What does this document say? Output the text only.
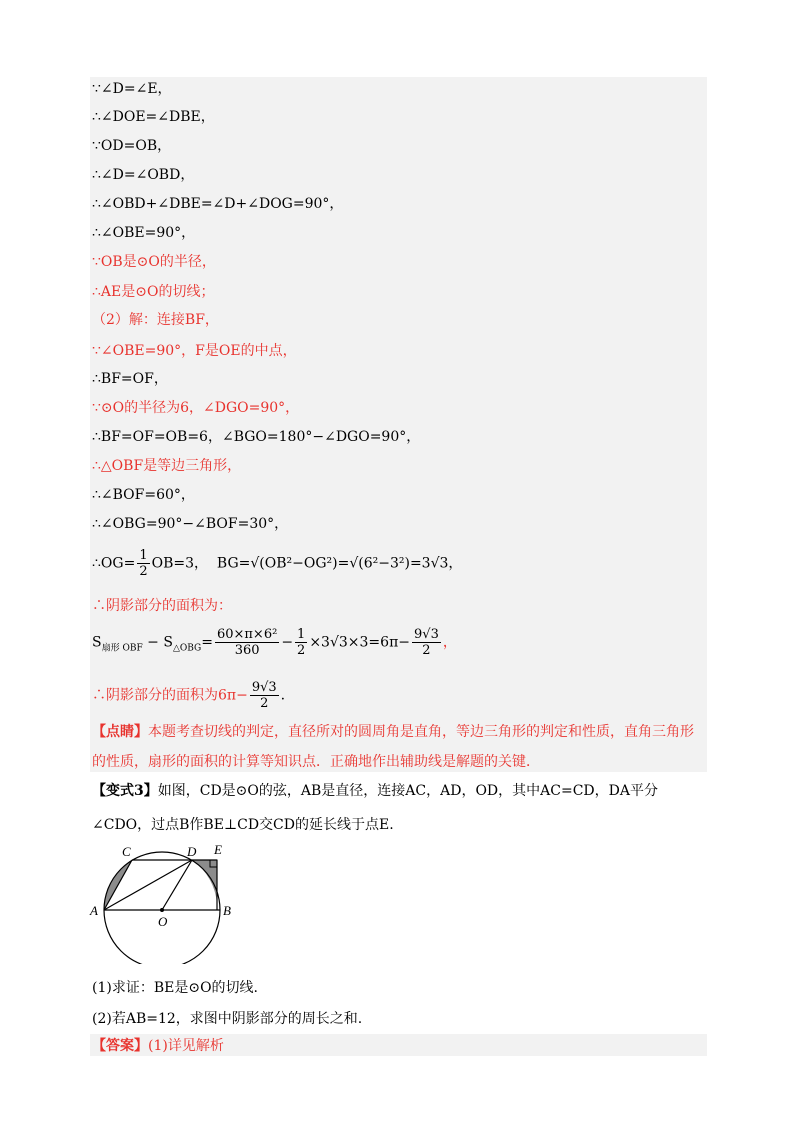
∵∠D=∠E，
∴∠DOE=∠DBE，
∵OD=OB，
∴∠D=∠OBD，
∴∠OBD+∠DBE=∠D+∠DOG=90°，
∴∠OBE=90°，
∵OB是⊙O的半径，
∴AE是⊙O的切线；
（2）解：连接BF，
∵∠OBE=90°，F是OE的中点，
∴BF=OF，
∵⊙O的半径为6，∠DGO=90°，
∴BF=OF=OB=6，∠BGO=180°−∠DGO=90°，
∴△OBF是等边三角形，
∴∠BOF=60°，
∴∠OBG=90°−∠BOF=30°，
∴OG= $\frac{1}{2} OB=3$， BG=√(OB²−OG²)=√(6²−3²)=3√3，
∴阴影部分的面积为：
$S_{扇形 OBF} - S_{\triangle OBG}= \frac{\text{60×π×6²}}{360} - \frac{1}{2} \times 3√3\times 3=6\pi- \frac{9√3}{2}$ ，
∴阴影部分的面积为$6\pi- \frac{9√3}{2}$ .
【点睛】本题考查切线的判定，直径所对的圆周角是直角，等边三角形的判定和性质，直角三角形
的性质，扇形的面积的计算等知识点．正确地作出辅助线是解题的关键．
【变式3】如图，CD是⊙O的弦，AB是直径，连接AC，AD，OD，其中AC=CD，DA平分
∠CDO，过点B作BE⊥CD交CD的延长线于点E.
C	D E
A	B
O
(1)求证：BE是⊙O的切线.
(2)若AB=12，求图中阴影部分的周长之和.
【答案】(1)详见解析
